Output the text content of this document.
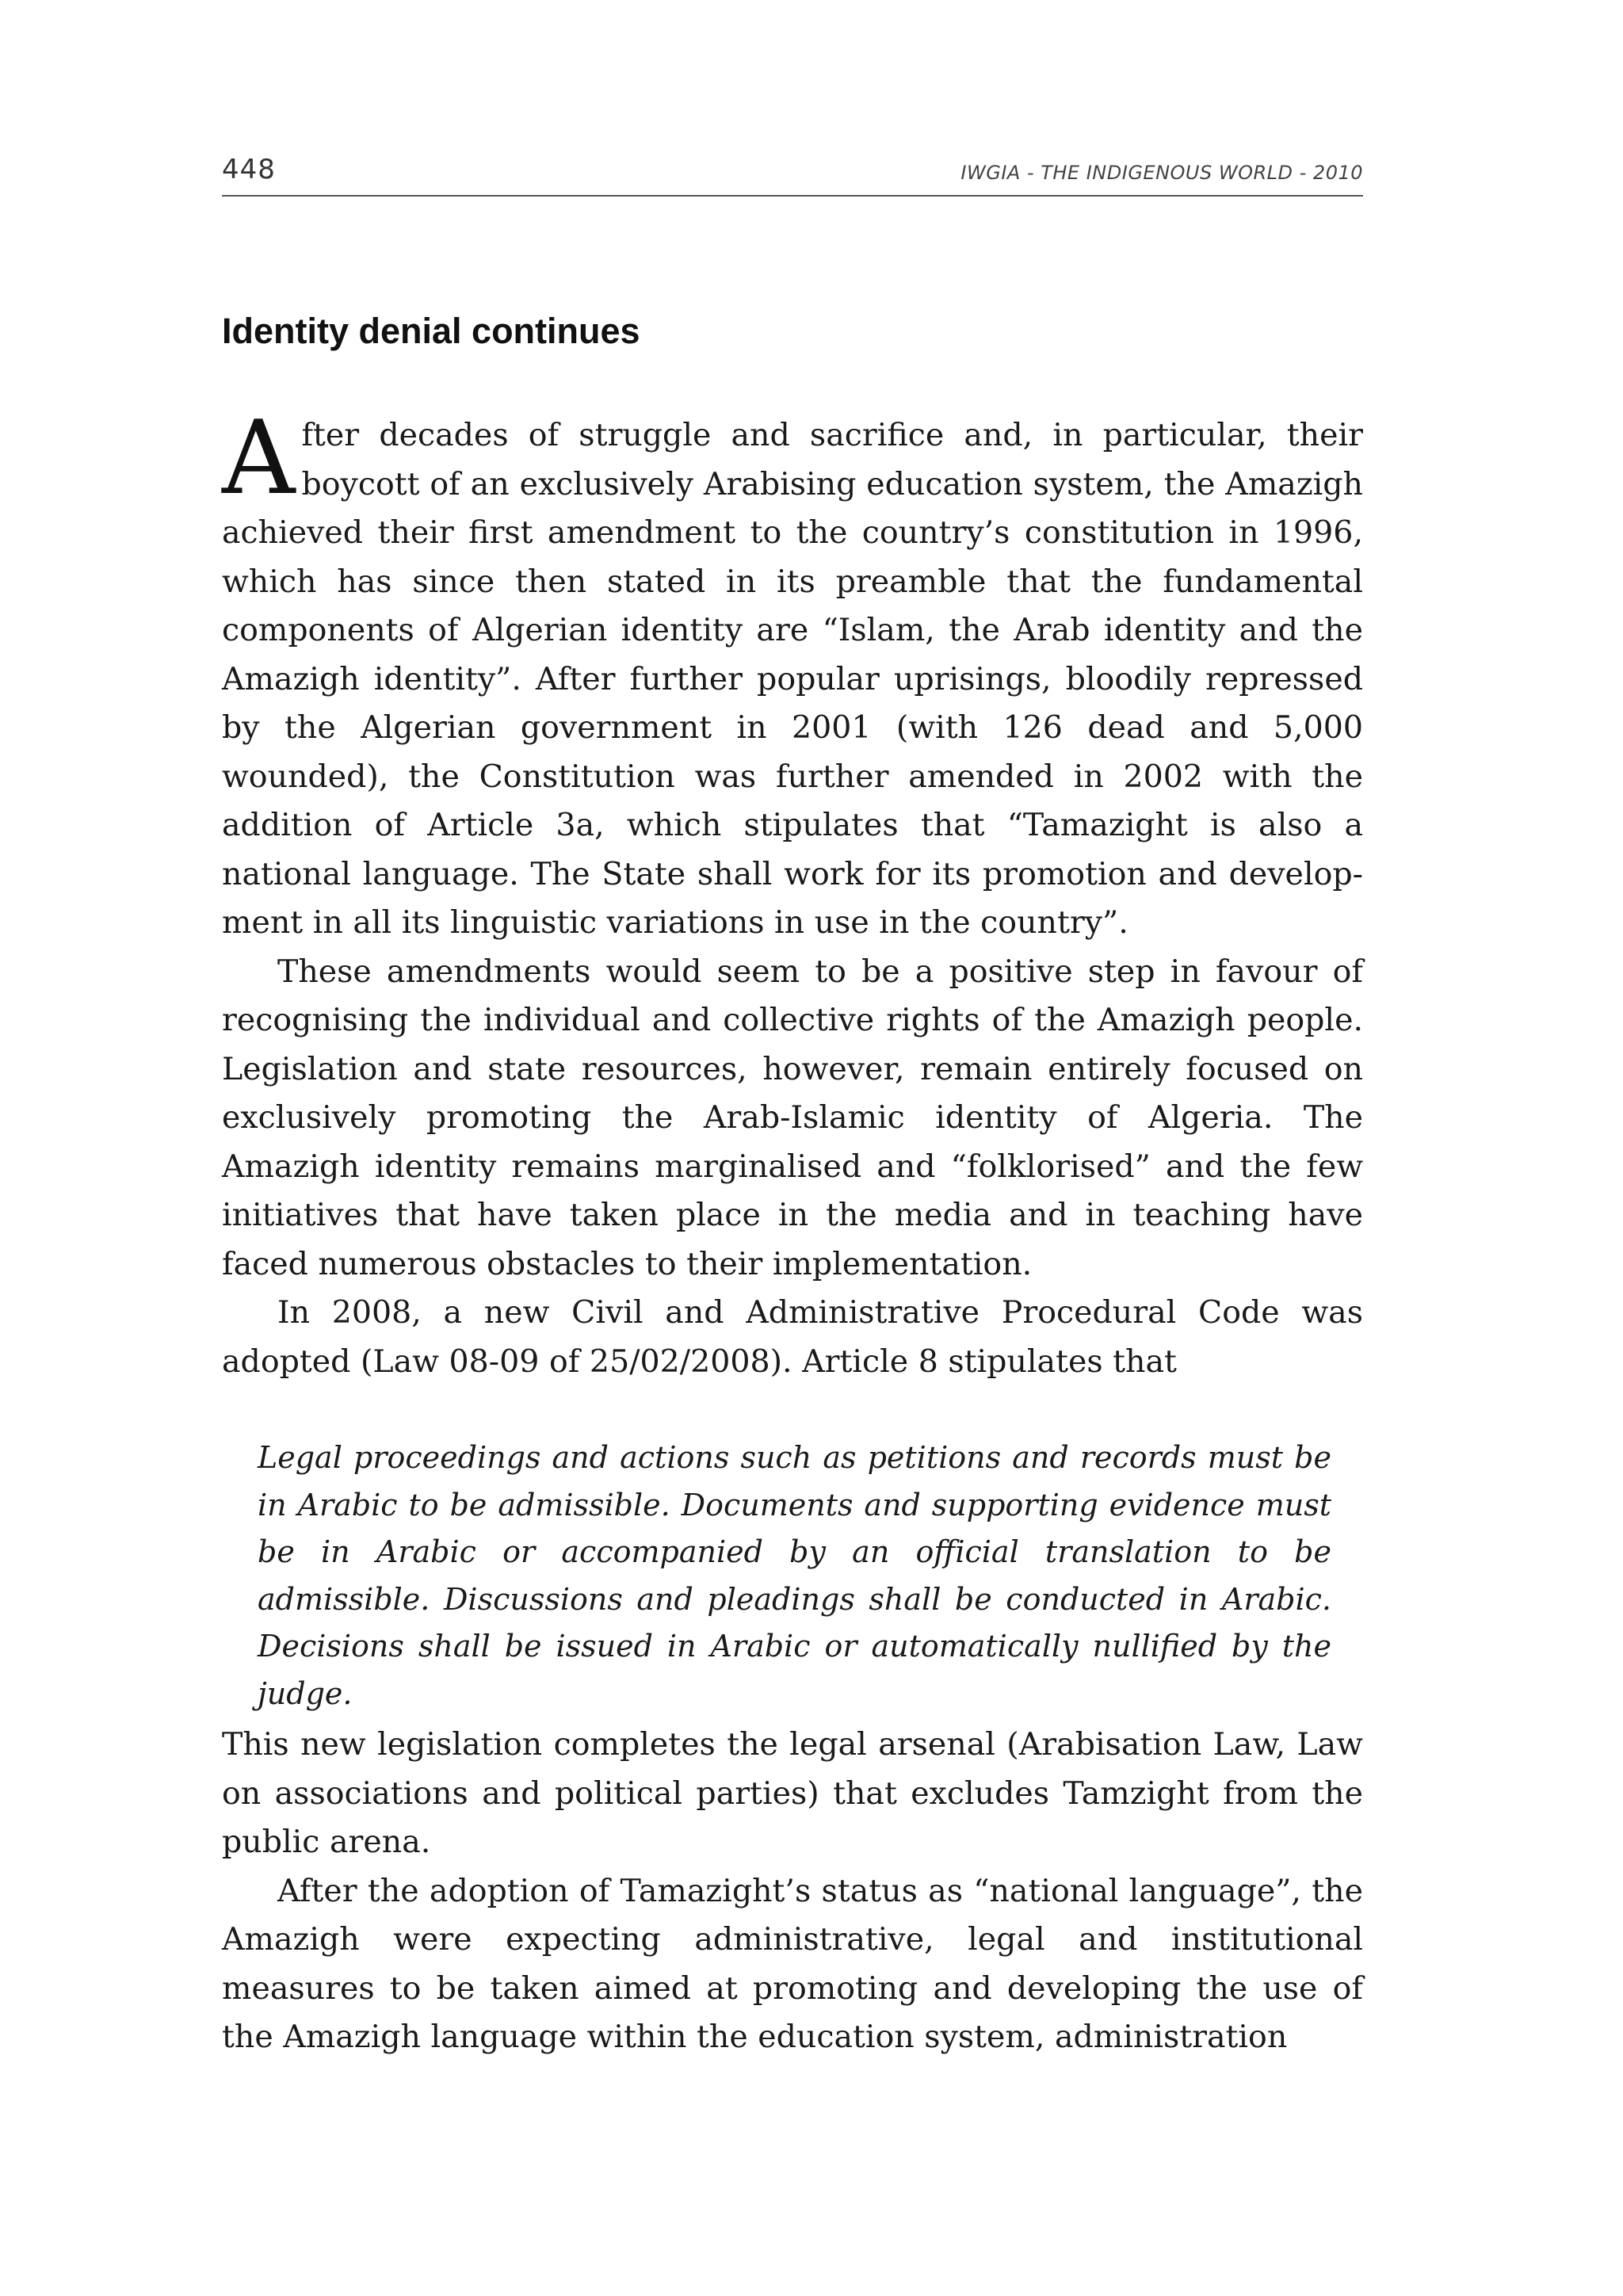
448	IWGIA - THE INDIGENOUS WORLD - 2010
Identity denial continues

After decades of struggle and sacrifice and, in particular, their boycott of an exclusively Arabising education system, the Amazigh achieved their first amendment to the country’s constitution in 1996, which has since then stated in its preamble that the fundamental components of Algerian identity are “Islam, the Arab identity and the Amazigh identity”. After further popular uprisings, bloodily repressed by the Algerian government in 2001 (with 126 dead and 5,000 wounded), the Constitution was further amended in 2002 with the addition of Article 3a, which stipulates that “Tamazight is also a national language. The State shall work for its promotion and development in all its linguistic variations in use in the country”.

These amendments would seem to be a positive step in favour of recognising the individual and collective rights of the Amazigh people. Legislation and state resources, however, remain entirely focused on exclusively promoting the Arab-Islamic identity of Algeria. The Amazigh identity remains marginalised and “folklorised” and the few initiatives that have taken place in the media and in teaching have faced numerous obstacles to their implementation.

In 2008, a new Civil and Administrative Procedural Code was adopted (Law 08-09 of 25/02/2008). Article 8 stipulates that

Legal proceedings and actions such as petitions and records must be in Arabic to be admissible. Documents and supporting evidence must be in Arabic or accompanied by an official translation to be admissible. Discussions and pleadings shall be conducted in Arabic. Decisions shall be issued in Arabic or automatically nullified by the judge.

This new legislation completes the legal arsenal (Arabisation Law, Law on associations and political parties) that excludes Tamzight from the public arena.

After the adoption of Tamazight’s status as “national language”, the Amazigh were expecting administrative, legal and institutional measures to be taken aimed at promoting and developing the use of the Amazigh language within the education system, administration
